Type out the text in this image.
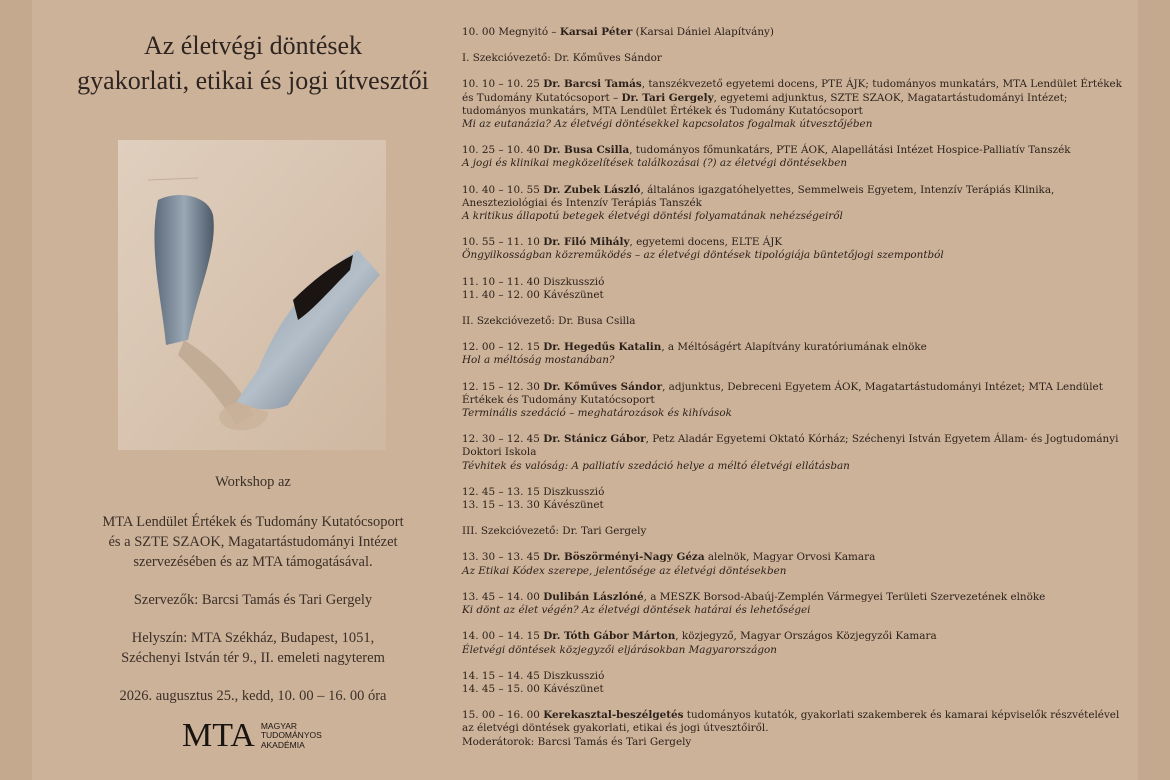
Az életvégi döntések
gyakorlati, etikai és jogi útvesztői
Workshop az
MTA Lendület Értékek és Tudomány Kutatócsoport
és a SZTE SZAOK, Magatartástudományi Intézet
szervezésében és az MTA támogatásával.
Szervezők: Barcsi Tamás és Tari Gergely
Helyszín: MTA Székház, Budapest, 1051,
Széchenyi István tér 9., II. emeleti nagyterem
2026. augusztus 25., kedd, 10. 00 – 16. 00 óra
MTA MAGYAR
TUDOMÁNYOS
AKADÉMIA
10. 00 Megnyitó – Karsai Péter (Karsai Dániel Alapítvány)
I. Szekcióvezető: Dr. Kőműves Sándor
10. 10 – 10. 25 Dr. Barcsi Tamás, tanszékvezető egyetemi docens, PTE ÁJK; tudományos munkatárs, MTA Lendület Értékek és Tudomány Kutatócsoport – Dr. Tari Gergely, egyetemi adjunktus, SZTE SZAOK, Magatartástudományi Intézet; tudományos munkatárs, MTA Lendület Értékek és Tudomány Kutatócsoport
Mi az eutanázia? Az életvégi döntésekkel kapcsolatos fogalmak útvesztőjében
10. 25 – 10. 40 Dr. Busa Csilla, tudományos főmunkatárs, PTE ÁOK, Alapellátási Intézet Hospice-Palliatív Tanszék
A jogi és klinikai megközelítések találkozásai (?) az életvégi döntésekben
10. 40 – 10. 55 Dr. Zubek László, általános igazgatóhelyettes, Semmelweis Egyetem, Intenzív Terápiás Klinika, Aneszteziológiai és Intenzív Terápiás Tanszék
A kritikus állapotú betegek életvégi döntési folyamatának nehézségeiről
10. 55 – 11. 10 Dr. Filó Mihály, egyetemi docens, ELTE ÁJK
Öngyilkosságban közreműködés – az életvégi döntések tipológiája büntetőjogi szempontból
11. 10 – 11. 40 Diszkusszió
11. 40 – 12. 00 Kávészünet
II. Szekcióvezető: Dr. Busa Csilla
12. 00 – 12. 15 Dr. Hegedűs Katalin, a Méltóságért Alapítvány kuratóriumának elnöke
Hol a méltóság mostanában?
12. 15 – 12. 30 Dr. Kőműves Sándor, adjunktus, Debreceni Egyetem ÁOK, Magatartástudományi Intézet; MTA Lendület Értékek és Tudomány Kutatócsoport
Terminális szedáció – meghatározások és kihívások
12. 30 – 12. 45 Dr. Stánicz Gábor, Petz Aladár Egyetemi Oktató Kórház; Széchenyi István Egyetem Állam- és Jogtudományi Doktori Iskola
Tévhitek és valóság: A palliatív szedáció helye a méltó életvégi ellátásban
12. 45 – 13. 15 Diszkusszió
13. 15 – 13. 30 Kávészünet
III. Szekcióvezető: Dr. Tari Gergely
13. 30 – 13. 45 Dr. Böszörményi-Nagy Géza alelnök, Magyar Orvosi Kamara
Az Etikai Kódex szerepe, jelentősége az életvégi döntésekben
13. 45 – 14. 00 Dulibán Lászlóné, a MESZK Borsod-Abaúj-Zemplén Vármegyei Területi Szervezetének elnöke
Ki dönt az élet végén? Az életvégi döntések határai és lehetőségei
14. 00 – 14. 15 Dr. Tóth Gábor Márton, közjegyző, Magyar Országos Közjegyzői Kamara
Életvégi döntések közjegyzői eljárásokban Magyarországon
14. 15 – 14. 45 Diszkusszió
14. 45 – 15. 00 Kávészünet
15. 00 – 16. 00 Kerekasztal-beszélgetés tudományos kutatók, gyakorlati szakemberek és kamarai képviselők részvételével az életvégi döntések gyakorlati, etikai és jogi útvesztőiről.
Moderátorok: Barcsi Tamás és Tari Gergely
